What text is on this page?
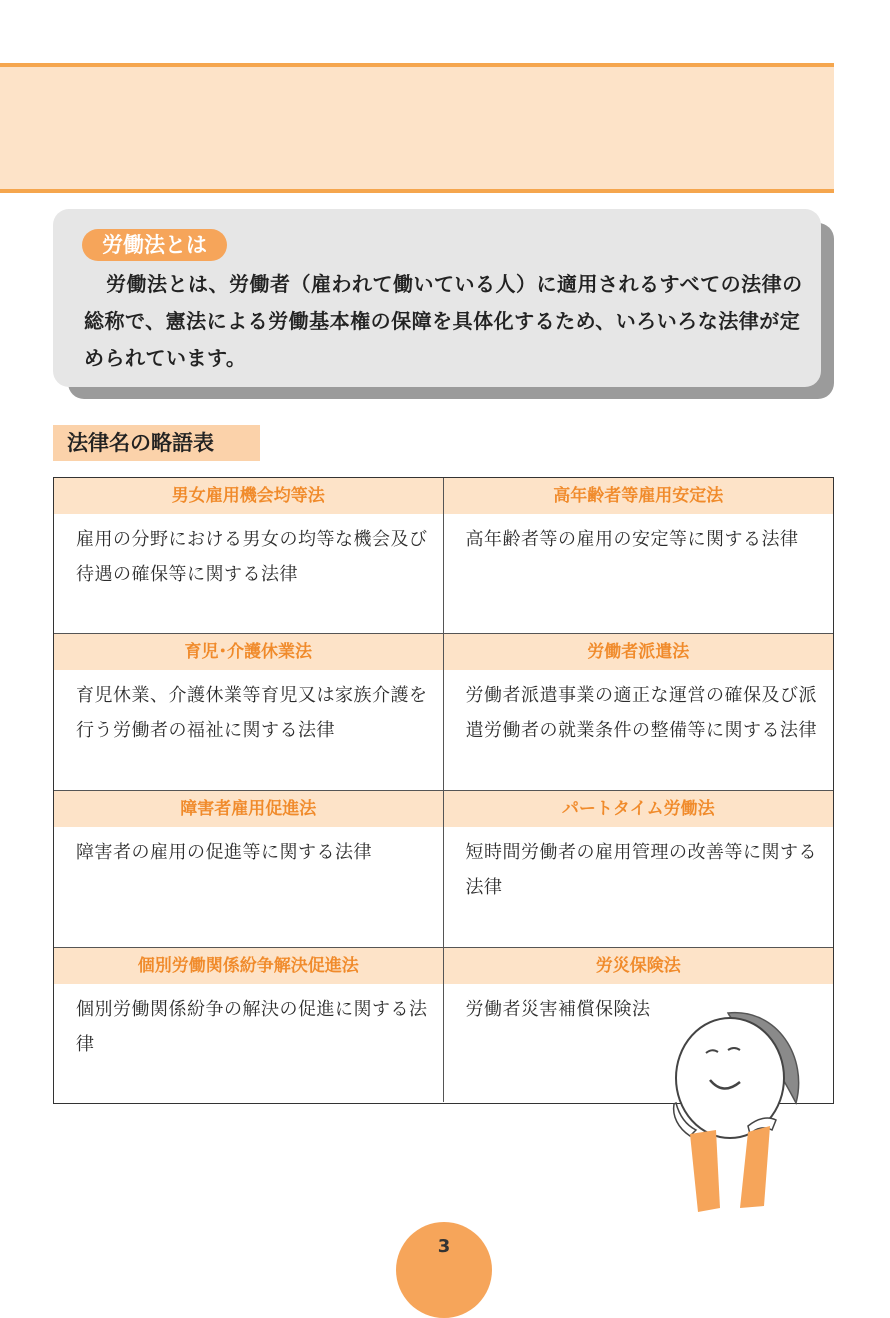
労働法とは
労働法とは、労働者（雇われて働いている人）に適用されるすべての法律の総称で、憲法による労働基本権の保障を具体化するため、いろいろな法律が定められています。
法律名の略語表
男女雇用機会均等法
雇用の分野における男女の均等な機会及び待遇の確保等に関する法律
高年齢者等雇用安定法
高年齢者等の雇用の安定等に関する法律
育児･介護休業法
育児休業、介護休業等育児又は家族介護を行う労働者の福祉に関する法律
労働者派遣法
労働者派遣事業の適正な運営の確保及び派遣労働者の就業条件の整備等に関する法律
障害者雇用促進法
障害者の雇用の促進等に関する法律
パートタイム労働法
短時間労働者の雇用管理の改善等に関する法律
個別労働関係紛争解決促進法
個別労働関係紛争の解決の促進に関する法律
労災保険法
労働者災害補償保険法
3
